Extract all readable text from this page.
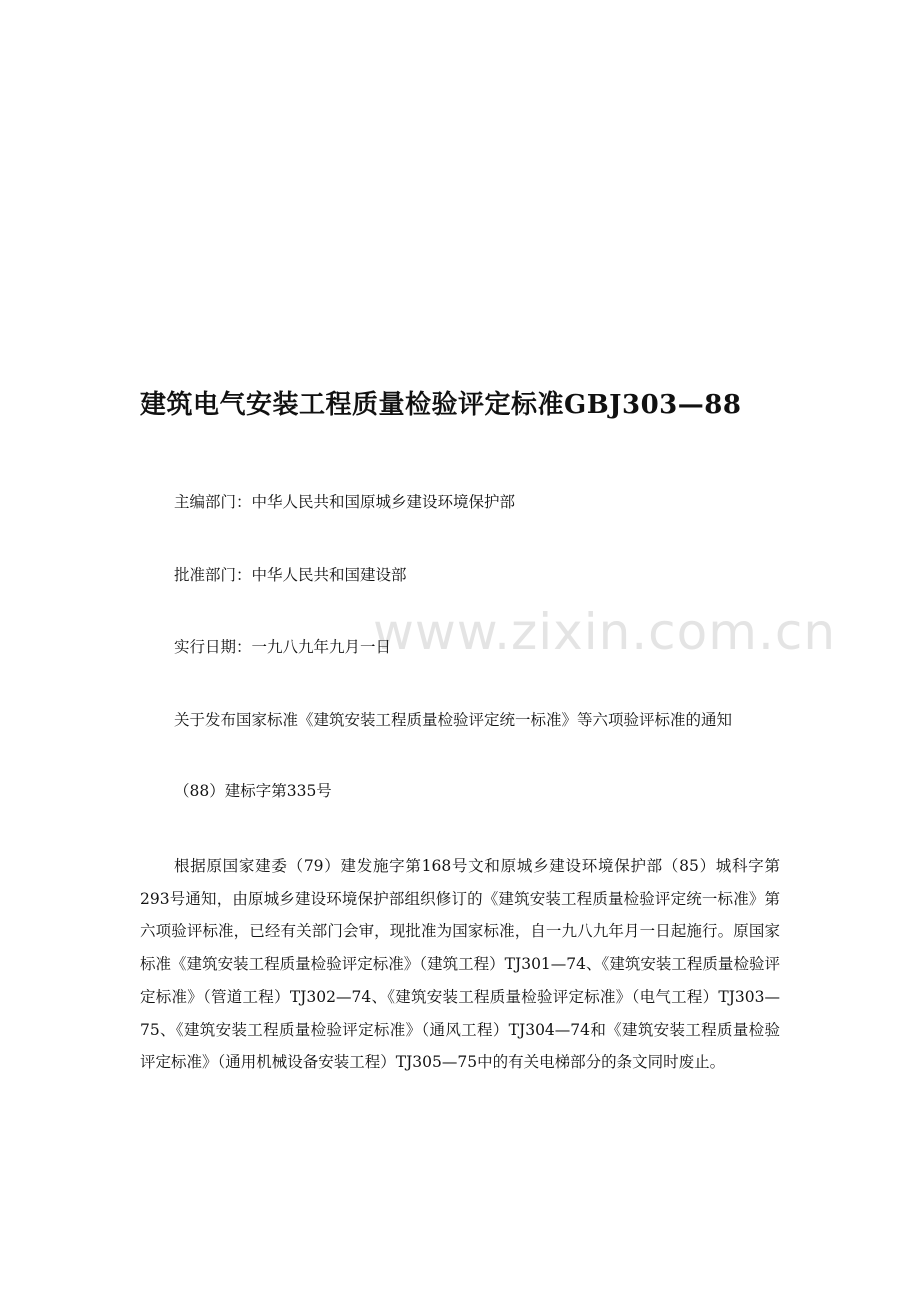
www.zixin.com.cn
建筑电气安装工程质量检验评定标准GBJ303—88

主编部门：中华人民共和国原城乡建设环境保护部

批准部门：中华人民共和国建设部

实行日期：一九八九年九月一日

关于发布国家标准《建筑安装工程质量检验评定统一标准》等六项验评标准的通知

（88）建标字第335号

根据原国家建委（79）建发施字第168号文和原城乡建设环境保护部（85）城科字第293号通知，由原城乡建设环境保护部组织修订的《建筑安装工程质量检验评定统一标准》第六项验评标准，已经有关部门会审，现批准为国家标准，自一九八九年月一日起施行。原国家标准《建筑安装工程质量检验评定标准》（建筑工程）TJ301—74、《建筑安装工程质量检验评定标准》（管道工程）TJ302—74、《建筑安装工程质量检验评定标准》（电气工程）TJ303—75、《建筑安装工程质量检验评定标准》（通风工程）TJ304—74和《建筑安装工程质量检验评定标准》（通用机械设备安装工程）TJ305—75中的有关电梯部分的条文同时废止。
